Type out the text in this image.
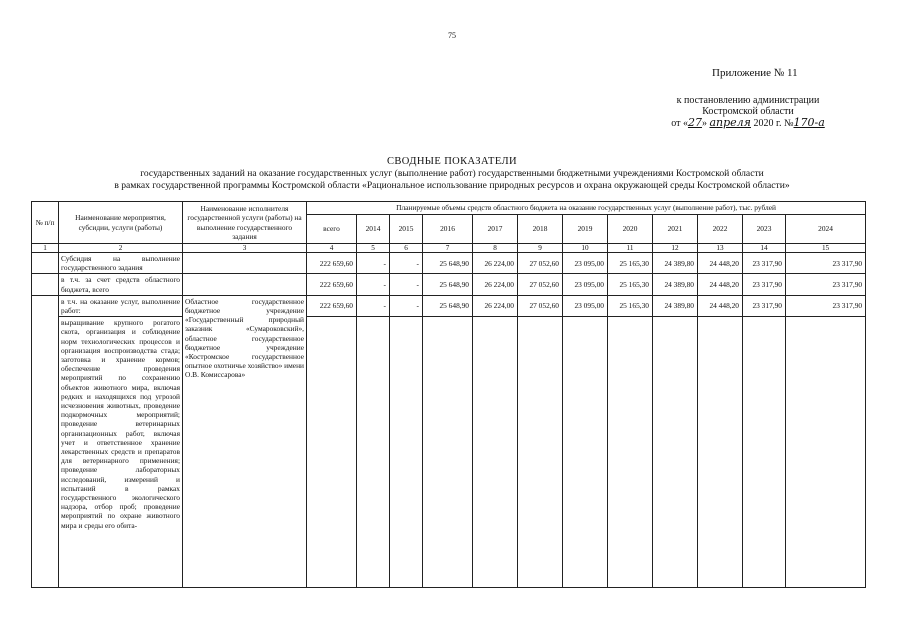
75
Приложение № 11
к постановлению администрации
Костромской области
от «27» апреля 2020 г. №170-а
СВОДНЫЕ ПОКАЗАТЕЛИ
государственных заданий на оказание государственных услуг (выполнение работ) государственными бюджетными учреждениями Костромской области
в рамках государственной программы Костромской области «Рациональное использование природных ресурсов и охрана окружающей среды Костромской области»
№ п/п	Наименование мероприятия, субсидии, услуги (работы)	Наименование исполнителя государственной услуги (работы) на выполнение государственного задания	Планируемые объемы средств областного бюджета на оказание государственных услуг (выполнение работ), тыс. рублей											
			всего	2014	2015	2016	2017	2018	2019	2020	2021	2022	2023	2024
1	2	3	4	5	6	7	8	9	10	11	12	13	14	15
	Субсидия на выполнение государственного задания		222 659,60	-	-	25 648,90	26 224,00	27 052,60	23 095,00	25 165,30	24 389,80	24 448,20	23 317,90	23 317,90
	в т.ч. за счет средств областного бюджета, всего		222 659,60	-	-	25 648,90	26 224,00	27 052,60	23 095,00	25 165,30	24 389,80	24 448,20	23 317,90	23 317,90
	в т.ч. на оказание услуг, выполнение работ:	Областное государственное бюджетное учреждение «Государственный природный заказник «Сумароковский», областное государственное бюджетное учреждение «Костромское государственное опытное охотничье хозяйство» имени О.В. Комиссарова»	222 659,60	-	-	25 648,90	26 224,00	27 052,60	23 095,00	25 165,30	24 389,80	24 448,20	23 317,90	23 317,90
	выращивание крупного рогатого скота, организация и соблюдение норм технологических процессов и организация воспроизводства стада; заготовка и хранение кормов; обеспечение проведения мероприятий по сохранению объектов животного мира, включая редких и находящихся под угрозой исчезновения животных, проведение подкормочных мероприятий; проведение ветеринарных организационных работ, включая учет и ответственное хранение лекарственных средств и препаратов для ветеринарного применения; проведение лабораторных исследований, измерений и испытаний в рамках государственного экологического надзора, отбор проб; проведение мероприятий по охране животного мира и среды его обита-													
